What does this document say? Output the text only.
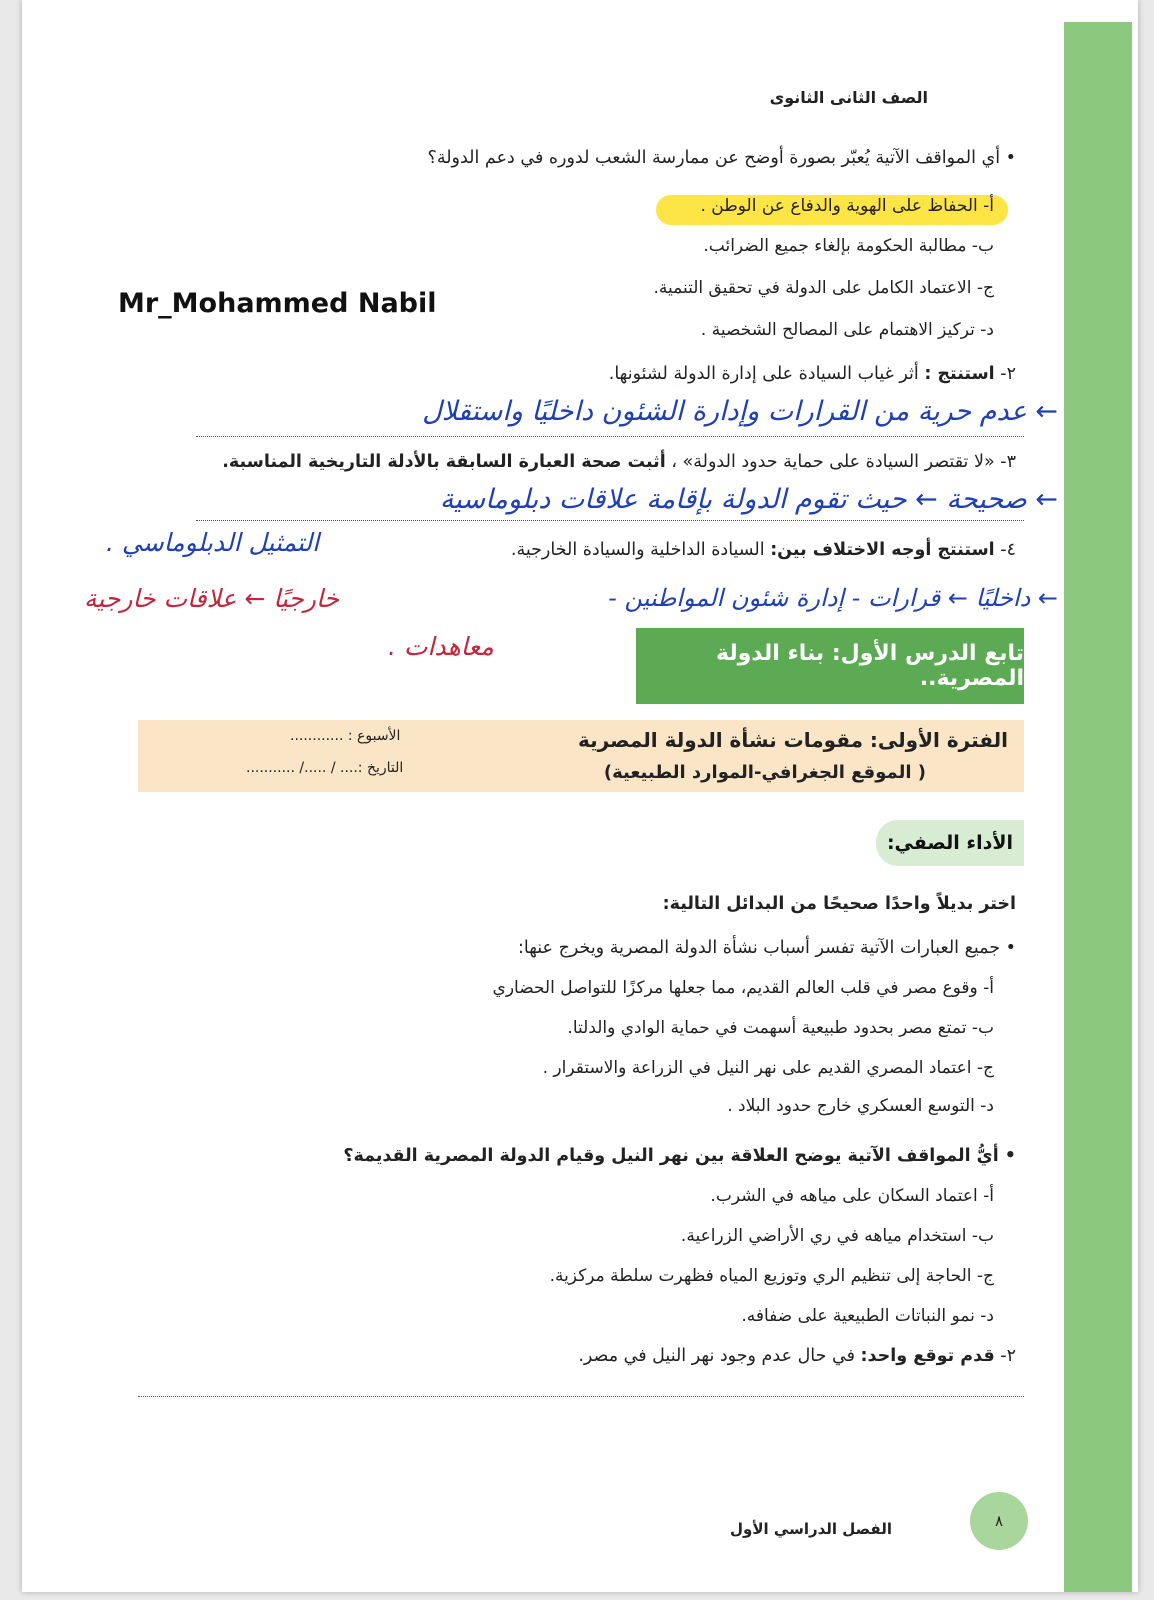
الصف الثانى الثانوى
Mr_Mohammed Nabil
• أي المواقف الآتية يُعبّر بصورة أوضح عن ممارسة الشعب لدوره في دعم الدولة؟
أ- الحفاظ على الهوية والدفاع عن الوطن .
ب- مطالبة الحكومة بإلغاء جميع الضرائب.
ج- الاعتماد الكامل على الدولة في تحقيق التنمية.
د- تركيز الاهتمام على المصالح الشخصية .
٢- استنتج : أثر غياب السيادة على إدارة الدولة لشئونها.
← عدم حرية من القرارات وإدارة الشئون داخليًا واستقلال
٣- «لا تقتصر السيادة على حماية حدود الدولة» ، أثبت صحة العبارة السابقة بالأدلة التاريخية المناسبة.
← صحيحة ← حيث تقوم الدولة بإقامة علاقات دبلوماسية
٤- استنتج أوجه الاختلاف بين: السيادة الداخلية والسيادة الخارجية.
التمثيل الدبلوماسي .
← داخليًا ← قرارات - إدارة شئون المواطنين -
خارجيًا ← علاقات خارجية
معاهدات .	تابع الدرس الأول: بناء الدولة المصرية..
الفترة الأولى: مقومات نشأة الدولة المصرية
( الموقع الجغرافي-الموارد الطبيعية)
الأسبوع : ............
التاريخ :.... / ...../ ...........
الأداء الصفي:
اختر بديلاً واحدًا صحيحًا من البدائل التالية:
• جميع العبارات الآتية تفسر أسباب نشأة الدولة المصرية ويخرج عنها:
أ- وقوع مصر في قلب العالم القديم، مما جعلها مركزًا للتواصل الحضاري
ب- تمتع مصر بحدود طبيعية أسهمت في حماية الوادي والدلتا.
ج- اعتماد المصري القديم على نهر النيل في الزراعة والاستقرار .
د- التوسع العسكري خارج حدود البلاد .
• أيُّ المواقف الآتية يوضح العلاقة بين نهر النيل وقيام الدولة المصرية القديمة؟
أ- اعتماد السكان على مياهه في الشرب.
ب- استخدام مياهه في ري الأراضي الزراعية.
ج- الحاجة إلى تنظيم الري وتوزيع المياه فظهرت سلطة مركزية.
د- نمو النباتات الطبيعية على ضفافه.
٢- قدم توقع واحد: في حال عدم وجود نهر النيل في مصر.
الفصل الدراسي الأول	٨
